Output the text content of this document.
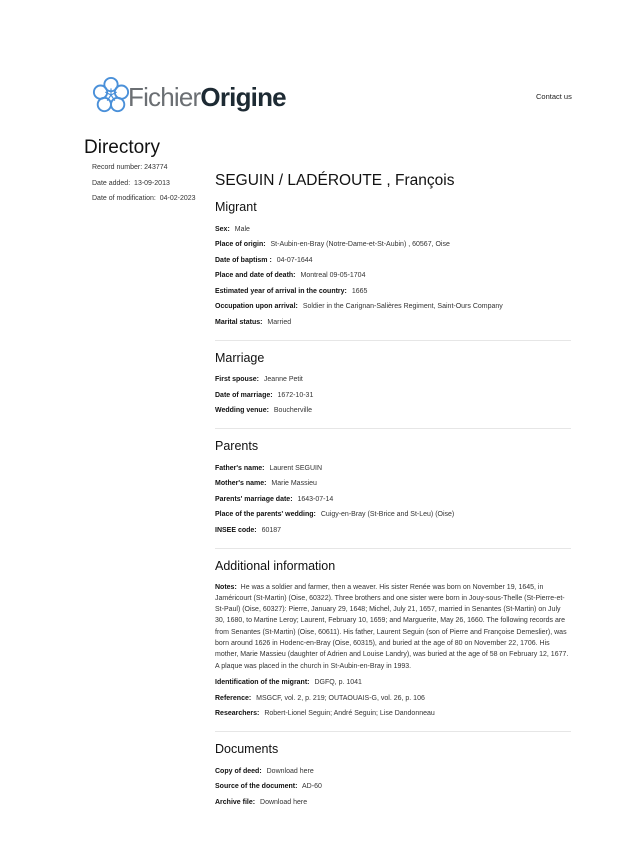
FichierOrigine	Contact us
Directory
Record number: 243774
Date added: 13-09-2013
Date of modification: 04-02-2023
SEGUIN / LADÉROUTE , François
Migrant
Sex: Male
Place of origin: St-Aubin-en-Bray (Notre-Dame-et-St-Aubin) , 60567, Oise
Date of baptism : 04-07-1644
Place and date of death: Montreal 09-05-1704
Estimated year of arrival in the country: 1665
Occupation upon arrival: Soldier in the Carignan-Salières Regiment, Saint-Ours Company
Marital status: Married
Marriage
First spouse: Jeanne Petit
Date of marriage: 1672-10-31
Wedding venue: Boucherville
Parents
Father's name: Laurent SEGUIN
Mother's name: Marie Massieu
Parents' marriage date: 1643-07-14
Place of the parents' wedding: Cuigy-en-Bray (St-Brice and St-Leu) (Oise)
INSEE code: 60187
Additional information
Notes: He was a soldier and farmer, then a weaver. His sister Renée was born on November 19, 1645, in Jaméricourt (St-Martin) (Oise, 60322). Three brothers and one sister were born in Jouy-sous-Thelle (St-Pierre-et-St-Paul) (Oise, 60327): Pierre, January 29, 1648; Michel, July 21, 1657, married in Senantes (St-Martin) on July 30, 1680, to Martine Leroy; Laurent, February 10, 1659; and Marguerite, May 26, 1660. The following records are from Senantes (St-Martin) (Oise, 60611). His father, Laurent Seguin (son of Pierre and Françoise Demeslier), was born around 1626 in Hodenc-en-Bray (Oise, 60315), and buried at the age of 80 on November 22, 1706. His mother, Marie Massieu (daughter of Adrien and Louise Landry), was buried at the age of 58 on February 12, 1677. A plaque was placed in the church in St-Aubin-en-Bray in 1993.
Identification of the migrant: DGFQ, p. 1041
Reference: MSGCF, vol. 2, p. 219; OUTAOUAIS-G, vol. 26, p. 106
Researchers: Robert-Lionel Seguin; André Seguin; Lise Dandonneau
Documents
Copy of deed: Download here
Source of the document: AD-60
Archive file: Download here
